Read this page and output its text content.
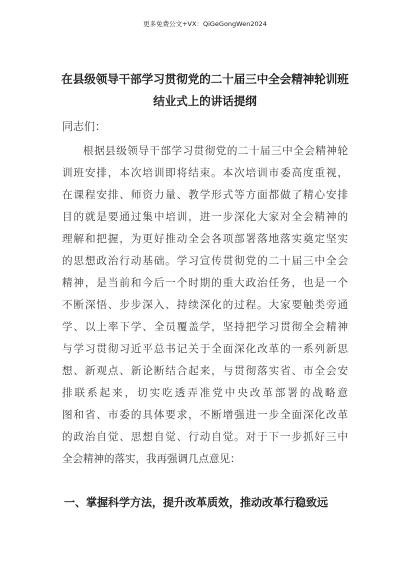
更多免费公文+VX：QiGeGongWen2024
在县级领导干部学习贯彻党的二十届三中全会精神轮训班
结业式上的讲话提纲
同志们：
根据县级领导干部学习贯彻党的二十届三中全会精神轮
训班安排，本次培训即将结束。本次培训市委高度重视，
在课程安排、师资力量、教学形式等方面都做了精心安排
目的就是要通过集中培训，进一步深化大家对全会精神的
理解和把握，为更好推动全会各项部署落地落实奠定坚实
的思想政治行动基础。学习宣传贯彻党的二十届三中全会
精神，是当前和今后一个时期的重大政治任务，也是一个
不断深悟、步步深入、持续深化的过程。大家要触类旁通
学、以上率下学、全员覆盖学，坚持把学习贯彻全会精神
与学习贯彻习近平总书记关于全面深化改革的一系列新思
想、新观点、新论断结合起来，与贯彻落实省、市全会安
排联系起来，切实吃透弄准党中央改革部署的战略意
图和省、市委的具体要求，不断增强进一步全面深化改革
的政治自觉、思想自觉、行动自觉。对于下一步抓好三中
全会精神的落实，我再强调几点意见：
一、掌握科学方法，提升改革质效，推动改革行稳致远
